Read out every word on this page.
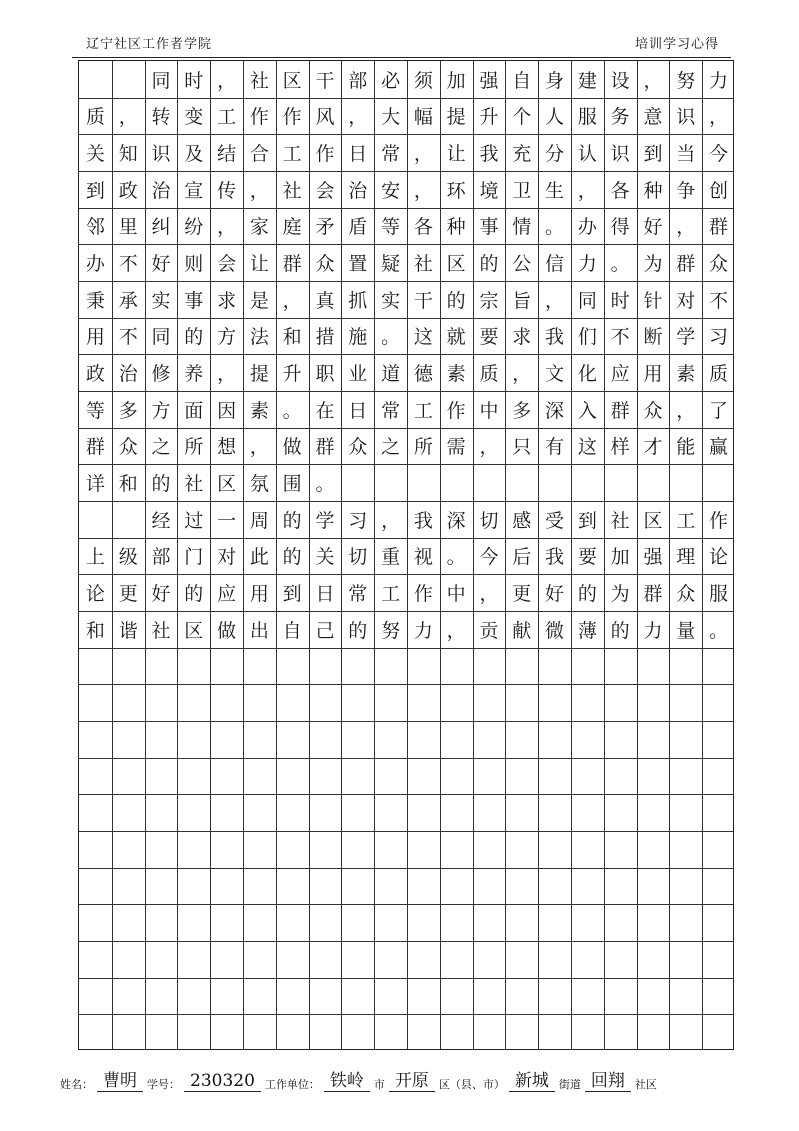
辽宁社区工作者学院	培训学习心得
同 时 ， 社 区 干 部 必 须 加 强 自 身 建 设 ， 努 力
质 ， 转 变 工 作 作 风 ， 大 幅 提 升 个 人 服 务 意 识 ，
关 知 识 及 结 合 工 作 日 常 ， 让 我 充 分 认 识 到 当 今
到 政 治 宣 传 ， 社 会 治 安 ， 环 境 卫 生 ， 各 种 争 创
邻 里 纠 纷 ， 家 庭 矛 盾 等 各 种 事 情 。 办 得 好 ， 群
办 不 好 则 会 让 群 众 置 疑 社 区 的 公 信 力 。 为 群 众
秉 承 实 事 求 是 ， 真 抓 实 干 的 宗 旨 ， 同 时 针 对 不
用 不 同 的 方 法 和 措 施 。 这 就 要 求 我 们 不 断 学 习
政 治 修 养 ， 提 升 职 业 道 德 素 质 ， 文 化 应 用 素 质
等 多 方 面 因 素 。 在 日 常 工 作 中 多 深 入 群 众 ， 了
群 众 之 所 想 ， 做 群 众 之 所 需 ， 只 有 这 样 才 能 赢
详 和 的 社 区 氛 围 。
经 过 一 周 的 学 习 ， 我 深 切 感 受 到 社 区 工 作
上 级 部 门 对 此 的 关 切 重 视 。 今 后 我 要 加 强 理 论
论 更 好 的 应 用 到 日 常 工 作 中 ， 更 好 的 为 群 众 服
和 谐 社 区 做 出 自 己 的 努 力 ， 贡 献 微 薄 的 力 量 。
姓名： 曹明 学号： 230320 工作单位： 铁岭 市 开原 区（县、市） 新城 街道 回翔 社区
